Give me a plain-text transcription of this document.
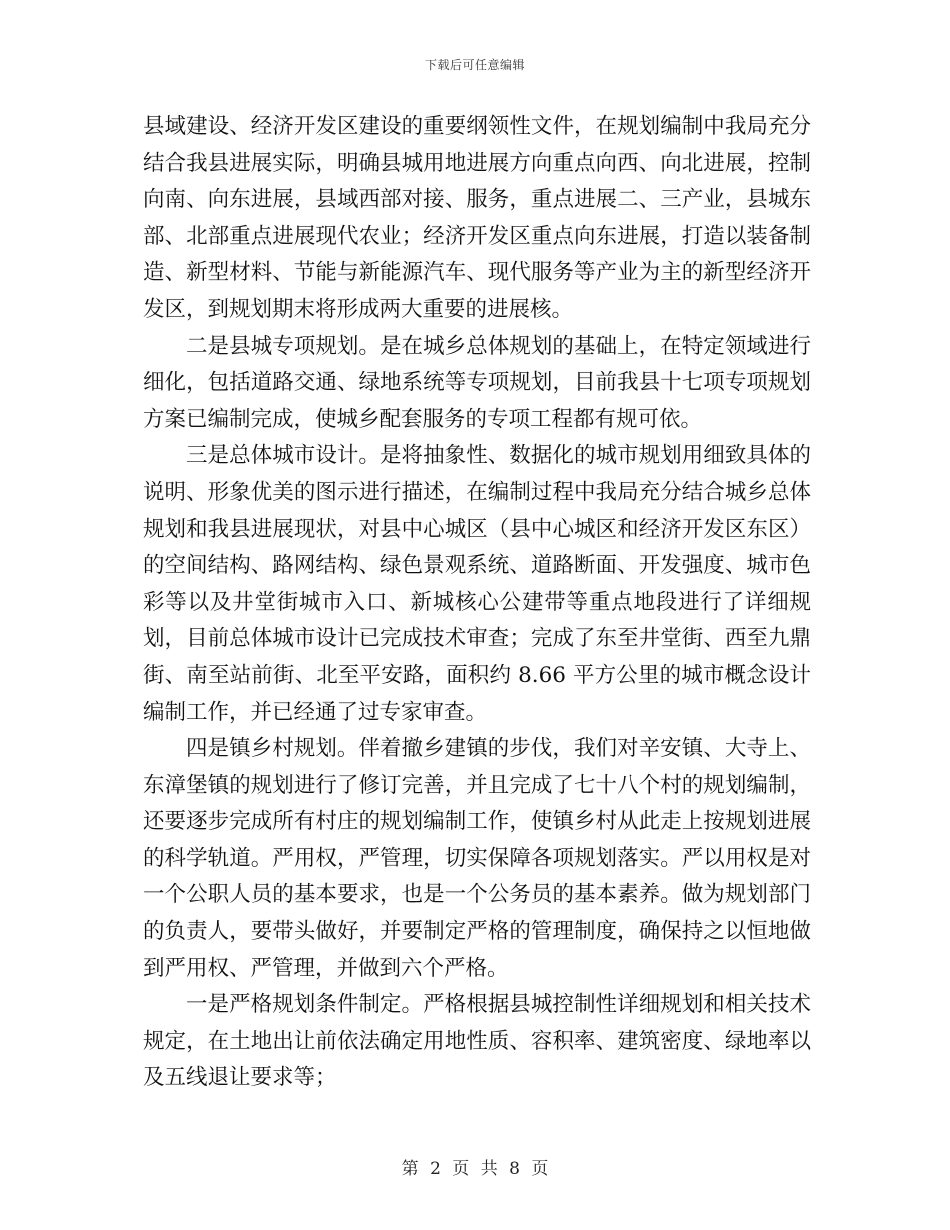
下载后可任意编辑

县域建设、经济开发区建设的重要纲领性文件，在规划编制中我局充分结合我县进展实际，明确县城用地进展方向重点向西、向北进展，控制向南、向东进展，县域西部对接、服务，重点进展二、三产业，县城东部、北部重点进展现代农业；经济开发区重点向东进展，打造以装备制造、新型材料、节能与新能源汽车、现代服务等产业为主的新型经济开发区，到规划期末将形成两大重要的进展核。

二是县城专项规划。是在城乡总体规划的基础上，在特定领域进行细化，包括道路交通、绿地系统等专项规划，目前我县十七项专项规划方案已编制完成，使城乡配套服务的专项工程都有规可依。

三是总体城市设计。是将抽象性、数据化的城市规划用细致具体的说明、形象优美的图示进行描述，在编制过程中我局充分结合城乡总体规划和我县进展现状，对县中心城区（县中心城区和经济开发区东区）的空间结构、路网结构、绿色景观系统、道路断面、开发强度、城市色彩等以及井堂街城市入口、新城核心公建带等重点地段进行了详细规划，目前总体城市设计已完成技术审查；完成了东至井堂街、西至九鼎街、南至站前街、北至平安路，面积约 8.66 平方公里的城市概念设计编制工作，并已经通了过专家审查。

四是镇乡村规划。伴着撤乡建镇的步伐，我们对辛安镇、大寺上、东漳堡镇的规划进行了修订完善，并且完成了七十八个村的规划编制，还要逐步完成所有村庄的规划编制工作，使镇乡村从此走上按规划进展的科学轨道。严用权，严管理，切实保障各项规划落实。严以用权是对一个公职人员的基本要求，也是一个公务员的基本素养。做为规划部门的负责人，要带头做好，并要制定严格的管理制度，确保持之以恒地做到严用权、严管理，并做到六个严格。

一是严格规划条件制定。严格根据县城控制性详细规划和相关技术规定，在土地出让前依法确定用地性质、容积率、建筑密度、绿地率以及五线退让要求等；

第 2 页 共 8 页
